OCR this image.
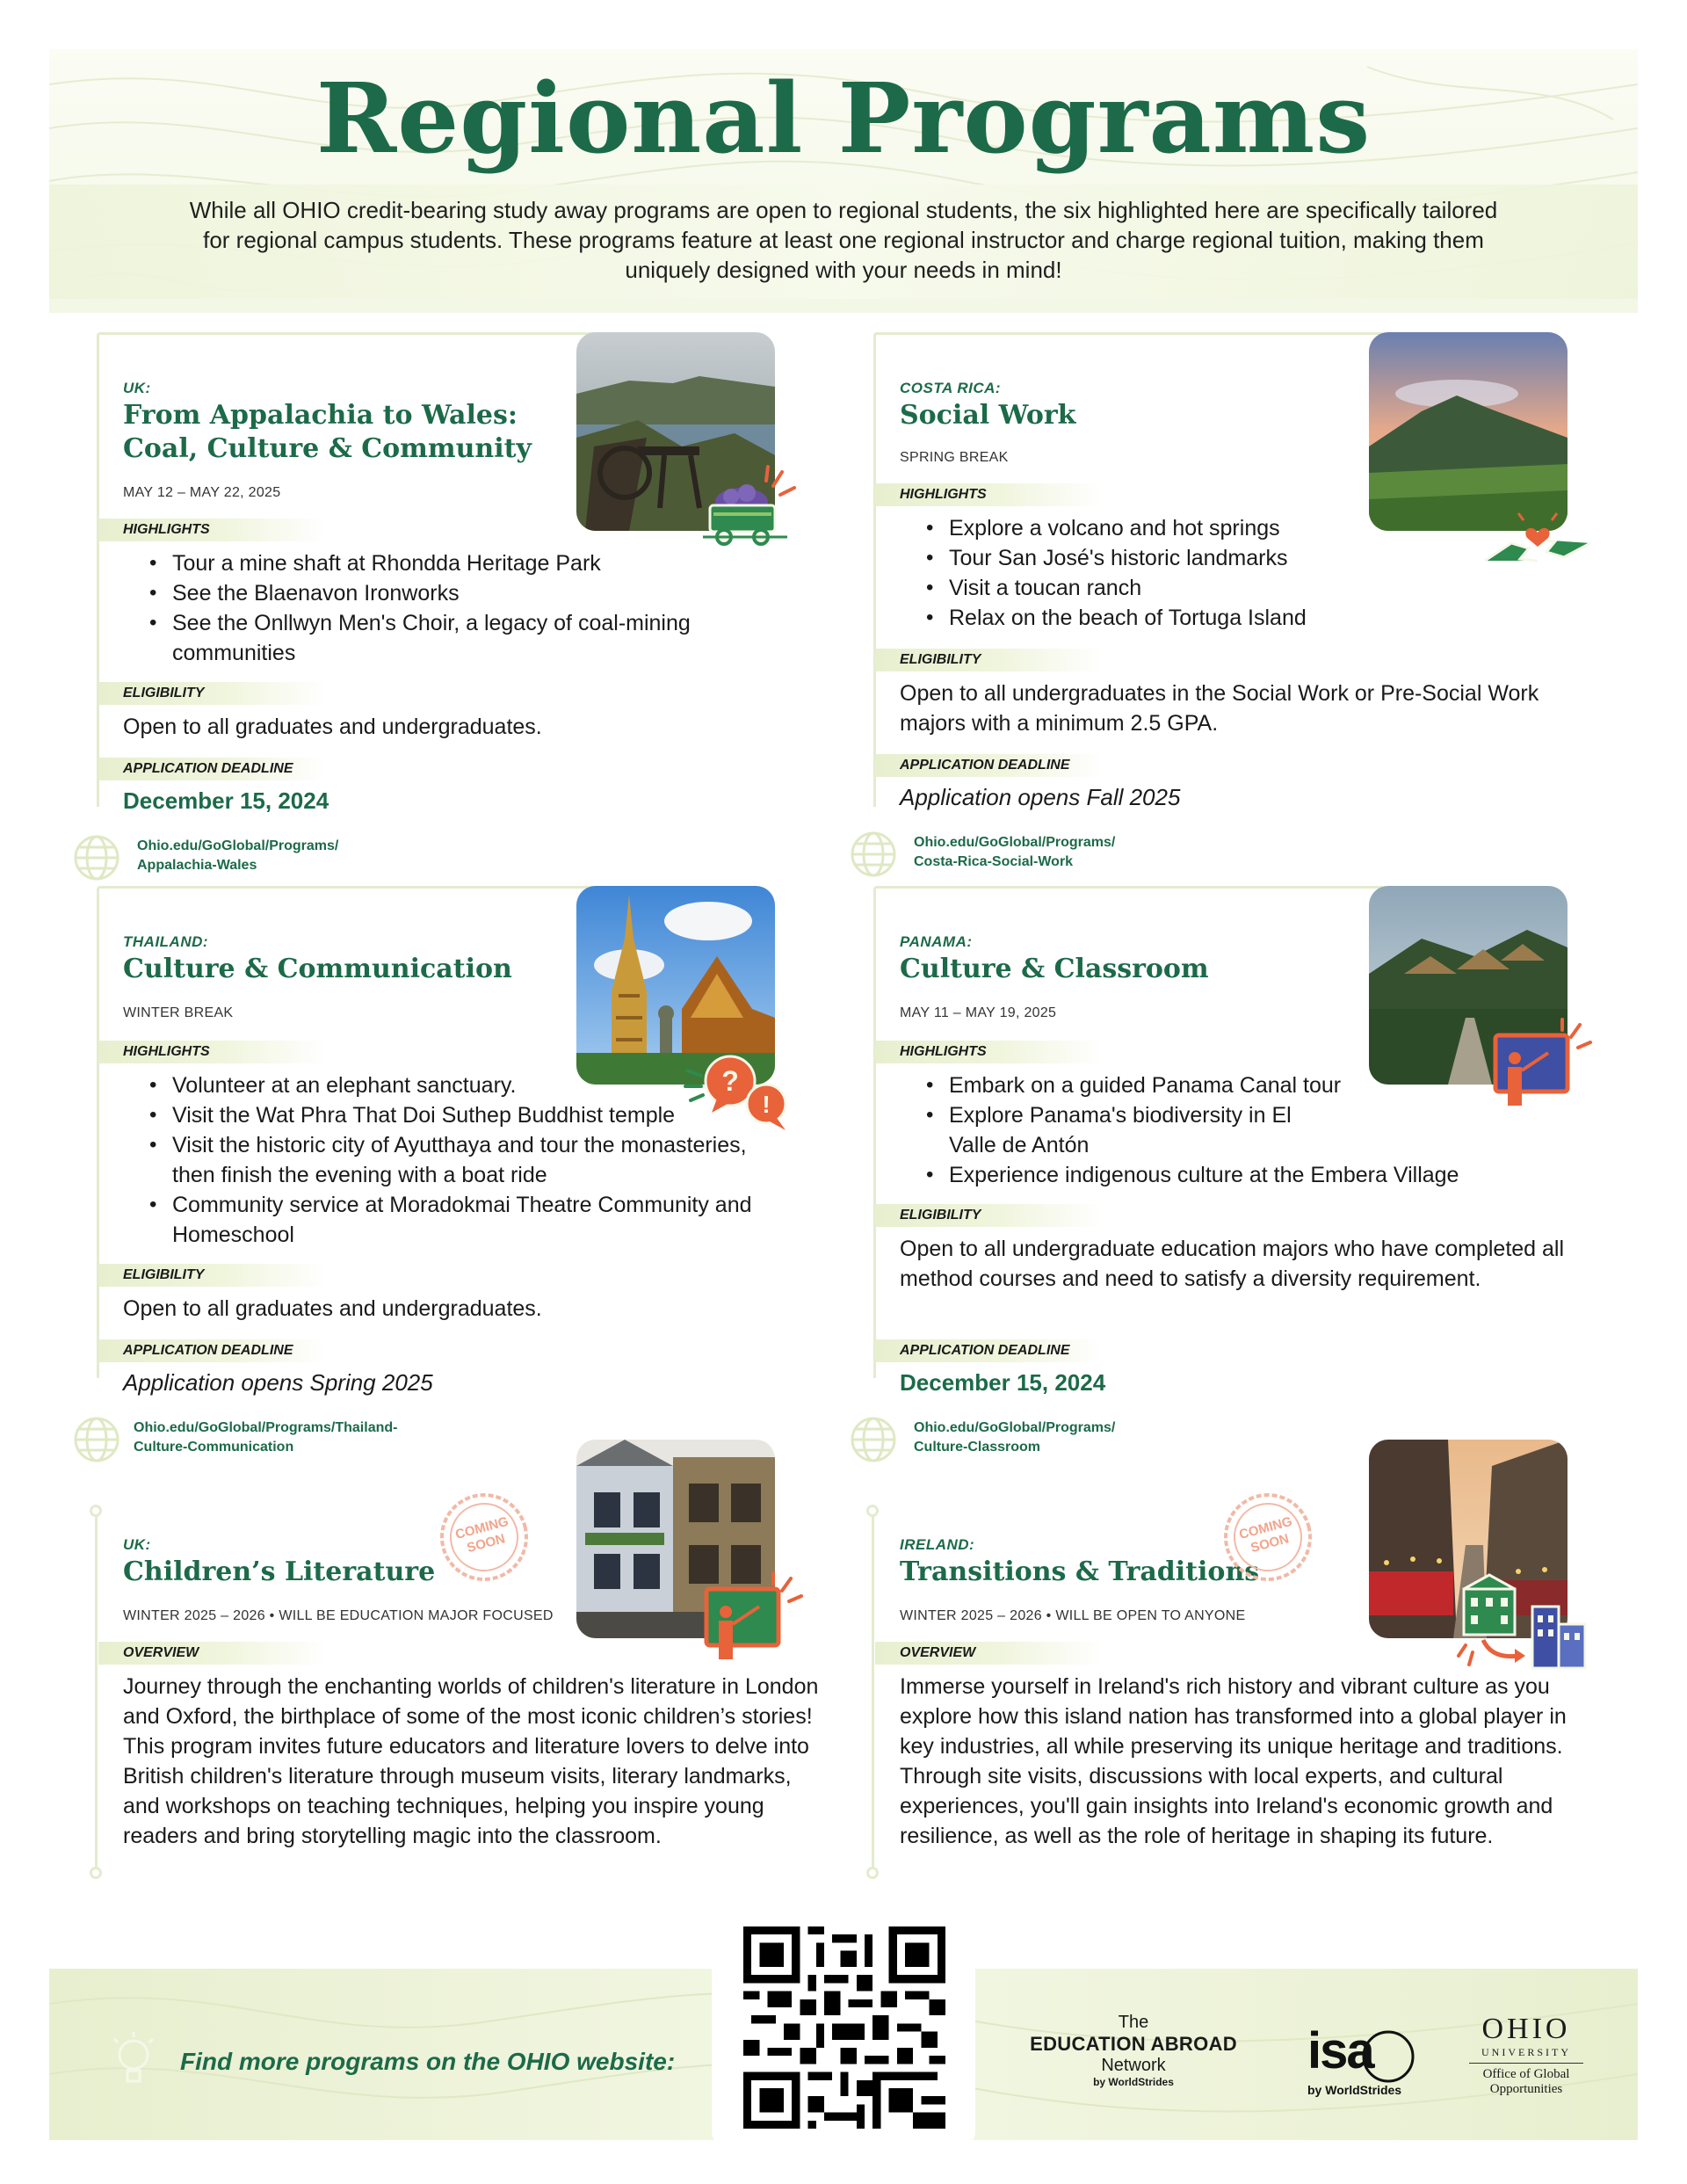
Regional Programs

While all OHIO credit-bearing study away programs are open to regional students, the six highlighted here are specifically tailored for regional campus students. These programs feature at least one regional instructor and charge regional tuition, making them uniquely designed with your needs in mind!

UK:
From Appalachia to Wales:
Coal, Culture & Community
MAY 12 – MAY 22, 2025
HIGHLIGHTS
• Tour a mine shaft at Rhondda Heritage Park
• See the Blaenavon Ironworks
• See the Onllwyn Men's Choir, a legacy of coal-mining communities
ELIGIBILITY
Open to all graduates and undergraduates.
APPLICATION DEADLINE
December 15, 2024
Ohio.edu/GoGlobal/Programs/
Appalachia-Wales
COSTA RICA:
Social Work
SPRING BREAK
HIGHLIGHTS
• Explore a volcano and hot springs
• Tour San José's historic landmarks
• Visit a toucan ranch
• Relax on the beach of Tortuga Island
ELIGIBILITY
Open to all undergraduates in the Social Work or Pre-Social Work majors with a minimum 2.5 GPA.
APPLICATION DEADLINE
Application opens Fall 2025
Ohio.edu/GoGlobal/Programs/
Costa-Rica-Social-Work
THAILAND:
Culture & Communication
WINTER BREAK
HIGHLIGHTS
• Volunteer at an elephant sanctuary.
• Visit the Wat Phra That Doi Suthep Buddhist temple
• Visit the historic city of Ayutthaya and tour the monasteries, then finish the evening with a boat ride
• Community service at Moradokmai Theatre Community and Homeschool
ELIGIBILITY
Open to all graduates and undergraduates.
APPLICATION DEADLINE
Application opens Spring 2025
Ohio.edu/GoGlobal/Programs/Thailand-
Culture-Communication
?
!
PANAMA:
Culture & Classroom
MAY 11 – MAY 19, 2025
HIGHLIGHTS
• Embark on a guided Panama Canal tour
• Explore Panama's biodiversity in El Valle de Antón
• Experience indigenous culture at the Embera Village
ELIGIBILITY
Open to all undergraduate education majors who have completed all method courses and need to satisfy a diversity requirement.
APPLICATION DEADLINE
December 15, 2024
Ohio.edu/GoGlobal/Programs/
Culture-Classroom
UK:
Children’s Literature
WINTER 2025 – 2026 • WILL BE EDUCATION MAJOR FOCUSED
OVERVIEW
Journey through the enchanting worlds of children's literature in London and Oxford, the birthplace of some of the most iconic children’s stories! This program invites future educators and literature lovers to delve into British children's literature through museum visits, literary landmarks, and workshops on teaching techniques, helping you inspire young readers and bring storytelling magic into the classroom.
COMING SOON	IRELAND:
Transitions & Traditions
WINTER 2025 – 2026 • WILL BE OPEN TO ANYONE
OVERVIEW
Immerse yourself in Ireland's rich history and vibrant culture as you explore how this island nation has transformed into a global player in key industries, all while preserving its unique heritage and traditions. Through site visits, discussions with local experts, and cultural experiences, you'll gain insights into Ireland's economic growth and resilience, as well as the role of heritage in shaping its future.
COMING SOON
Find more programs on the OHIO website:
The
EDUCATION ABROAD
Network
by WorldStrides
isa
by WorldStrides
OHIO
UNIVERSITY
Office of Global
Opportunities
